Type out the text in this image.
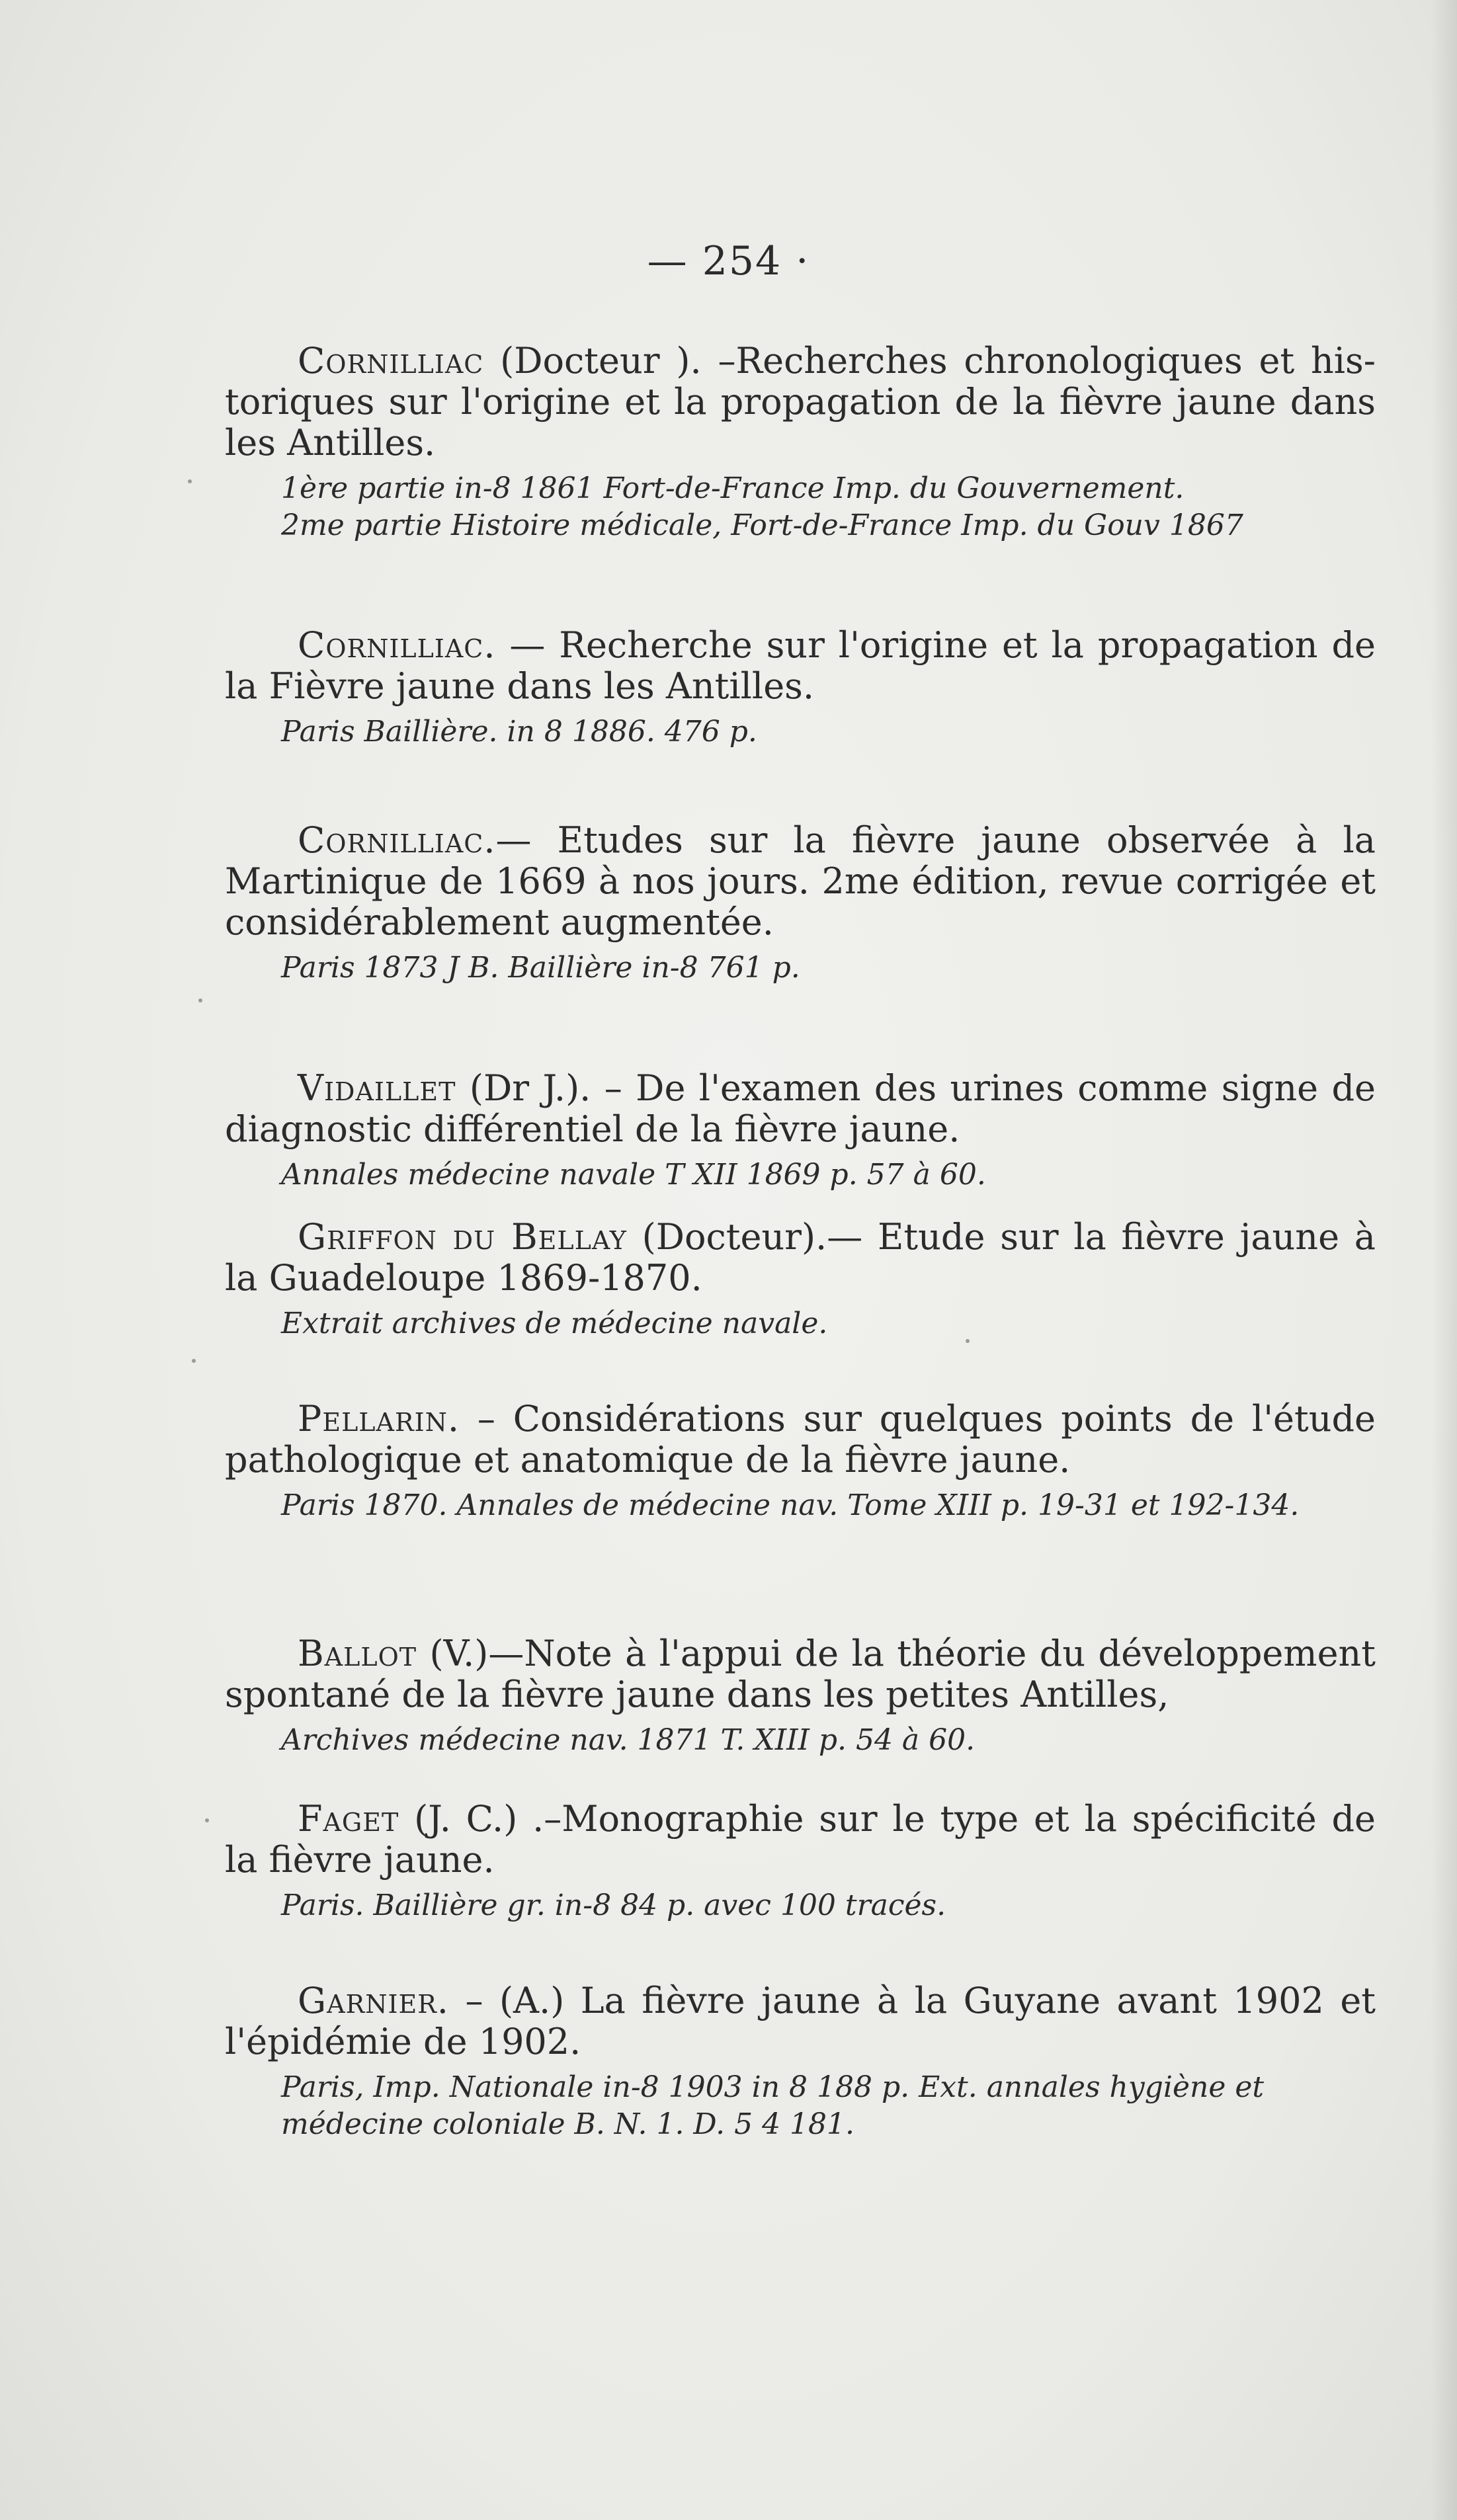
— 254 ·

Cornilliac (Docteur ). –Recherches chronologiques et his-toriques sur l'origine et la propagation de la fièvre jaune dans les Antilles.

1ère partie in-8 1861 Fort-de-France Imp. du Gouvernement.
2me partie Histoire médicale, Fort-de-France Imp. du Gouv 1867

Cornilliac. — Recherche sur l'origine et la propagation de la Fièvre jaune dans les Antilles.

Paris Baillière. in 8 1886. 476 p.

Cornilliac.— Etudes sur la fièvre jaune observée à la Martinique de 1669 à nos jours. 2me édition, revue corrigée et considérablement augmentée.

Paris 1873 J B. Baillière in-8 761 p.

Vidaillet (Dr J.). – De l'examen des urines comme signe de diagnostic différentiel de la fièvre jaune.

Annales médecine navale T XII 1869 p. 57 à 60.

Griffon du Bellay (Docteur).— Etude sur la fièvre jaune à la Guadeloupe 1869-1870.

Extrait archives de médecine navale.

Pellarin. – Considérations sur quelques points de l'étude pathologique et anatomique de la fièvre jaune.

Paris 1870. Annales de médecine nav. Tome XIII p. 19-31 et 192-134.

Ballot (V.)—Note à l'appui de la théorie du développement spontané de la fièvre jaune dans les petites Antilles,

Archives médecine nav. 1871 T. XIII p. 54 à 60.

Faget (J. C.) .–Monographie sur le type et la spécificité de la fièvre jaune.

Paris. Baillière gr. in-8 84 p. avec 100 tracés.

Garnier. – (A.) La fièvre jaune à la Guyane avant 1902 et l'épidémie de 1902.

Paris, Imp. Nationale in-8 1903 in 8 188 p. Ext. annales hygiène et médecine coloniale B. N. 1. D. 5 4 181.
